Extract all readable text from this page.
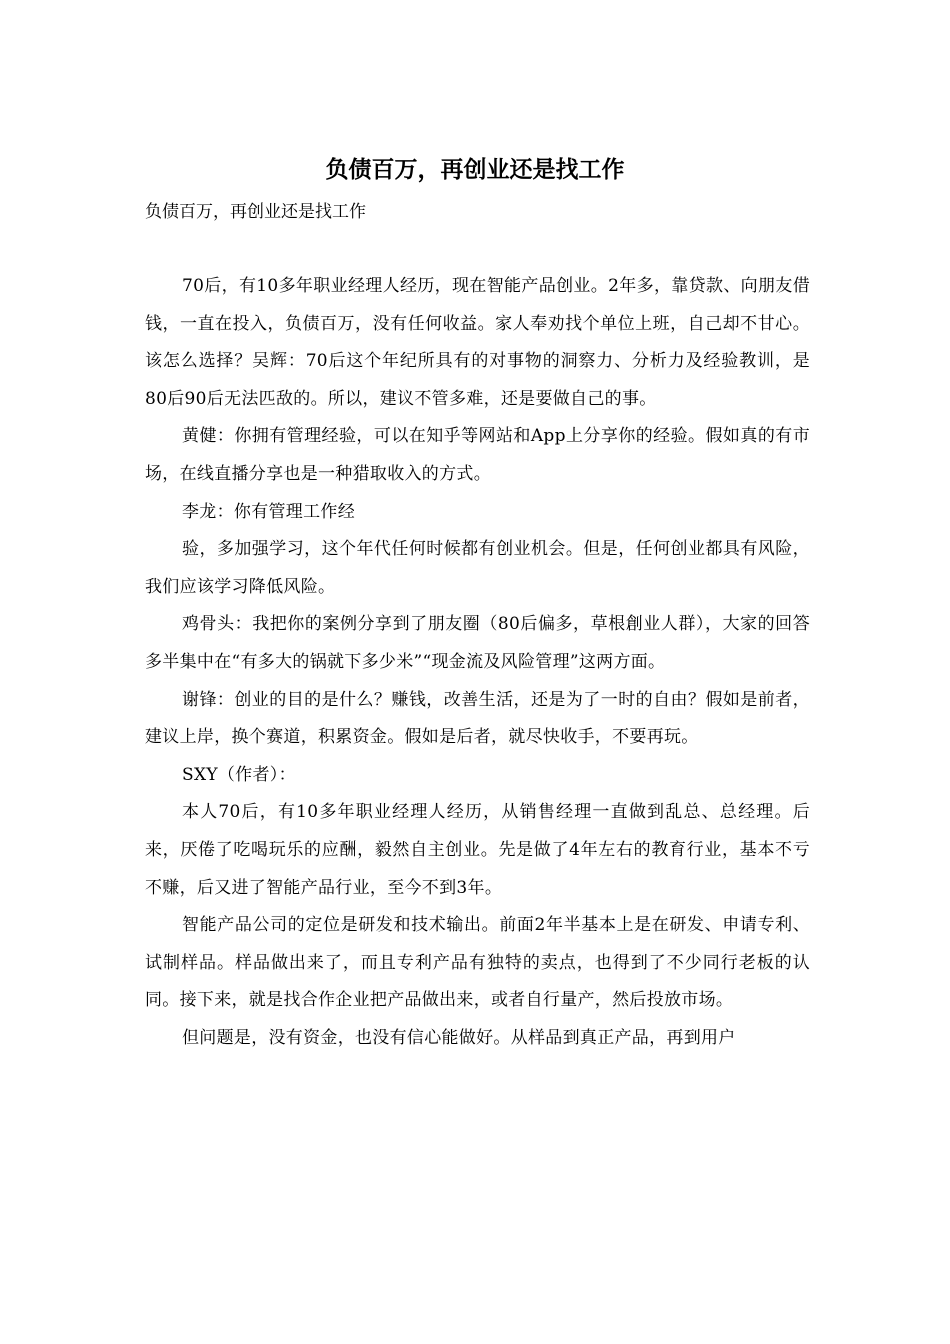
负债百万，再创业还是找工作

负债百万，再创业还是找工作

70后，有10多年职业经理人经历，现在智能产品创业。2年多，靠贷款、向朋友借钱，一直在投入，负债百万，没有任何收益。家人奉劝找个单位上班，自己却不甘心。该怎么选择？吴辉：70后这个年纪所具有的对事物的洞察力、分析力及经验教训，是80后90后无法匹敌的。所以，建议不管多难，还是要做自己的事。

黄健：你拥有管理经验，可以在知乎等网站和App上分享你的经验。假如真的有市场，在线直播分享也是一种猎取收入的方式。

李龙：你有管理工作经

验，多加强学习，这个年代任何时候都有创业机会。但是，任何创业都具有风险，我们应该学习降低风险。

鸡骨头：我把你的案例分享到了朋友圈（80后偏多，草根創业人群），大家的回答多半集中在“有多大的锅就下多少米”“现金流及风险管理”这两方面。

谢锋：创业的目的是什么？赚钱，改善生活，还是为了一时的自由？假如是前者，建议上岸，换个赛道，积累资金。假如是后者，就尽快收手，不要再玩。

SXY（作者）：

本人70后，有10多年职业经理人经历，从销售经理一直做到乱总、总经理。后来，厌倦了吃喝玩乐的应酬，毅然自主创业。先是做了4年左右的教育行业，基本不亏不赚，后又进了智能产品行业，至今不到3年。

智能产品公司的定位是研发和技术输出。前面2年半基本上是在研发、申请专利、试制样品。样品做出来了，而且专利产品有独特的卖点，也得到了不少同行老板的认同。接下来，就是找合作企业把产品做出来，或者自行量产，然后投放市场。

但问题是，没有资金，也没有信心能做好。从样品到真正产品，再到用户
